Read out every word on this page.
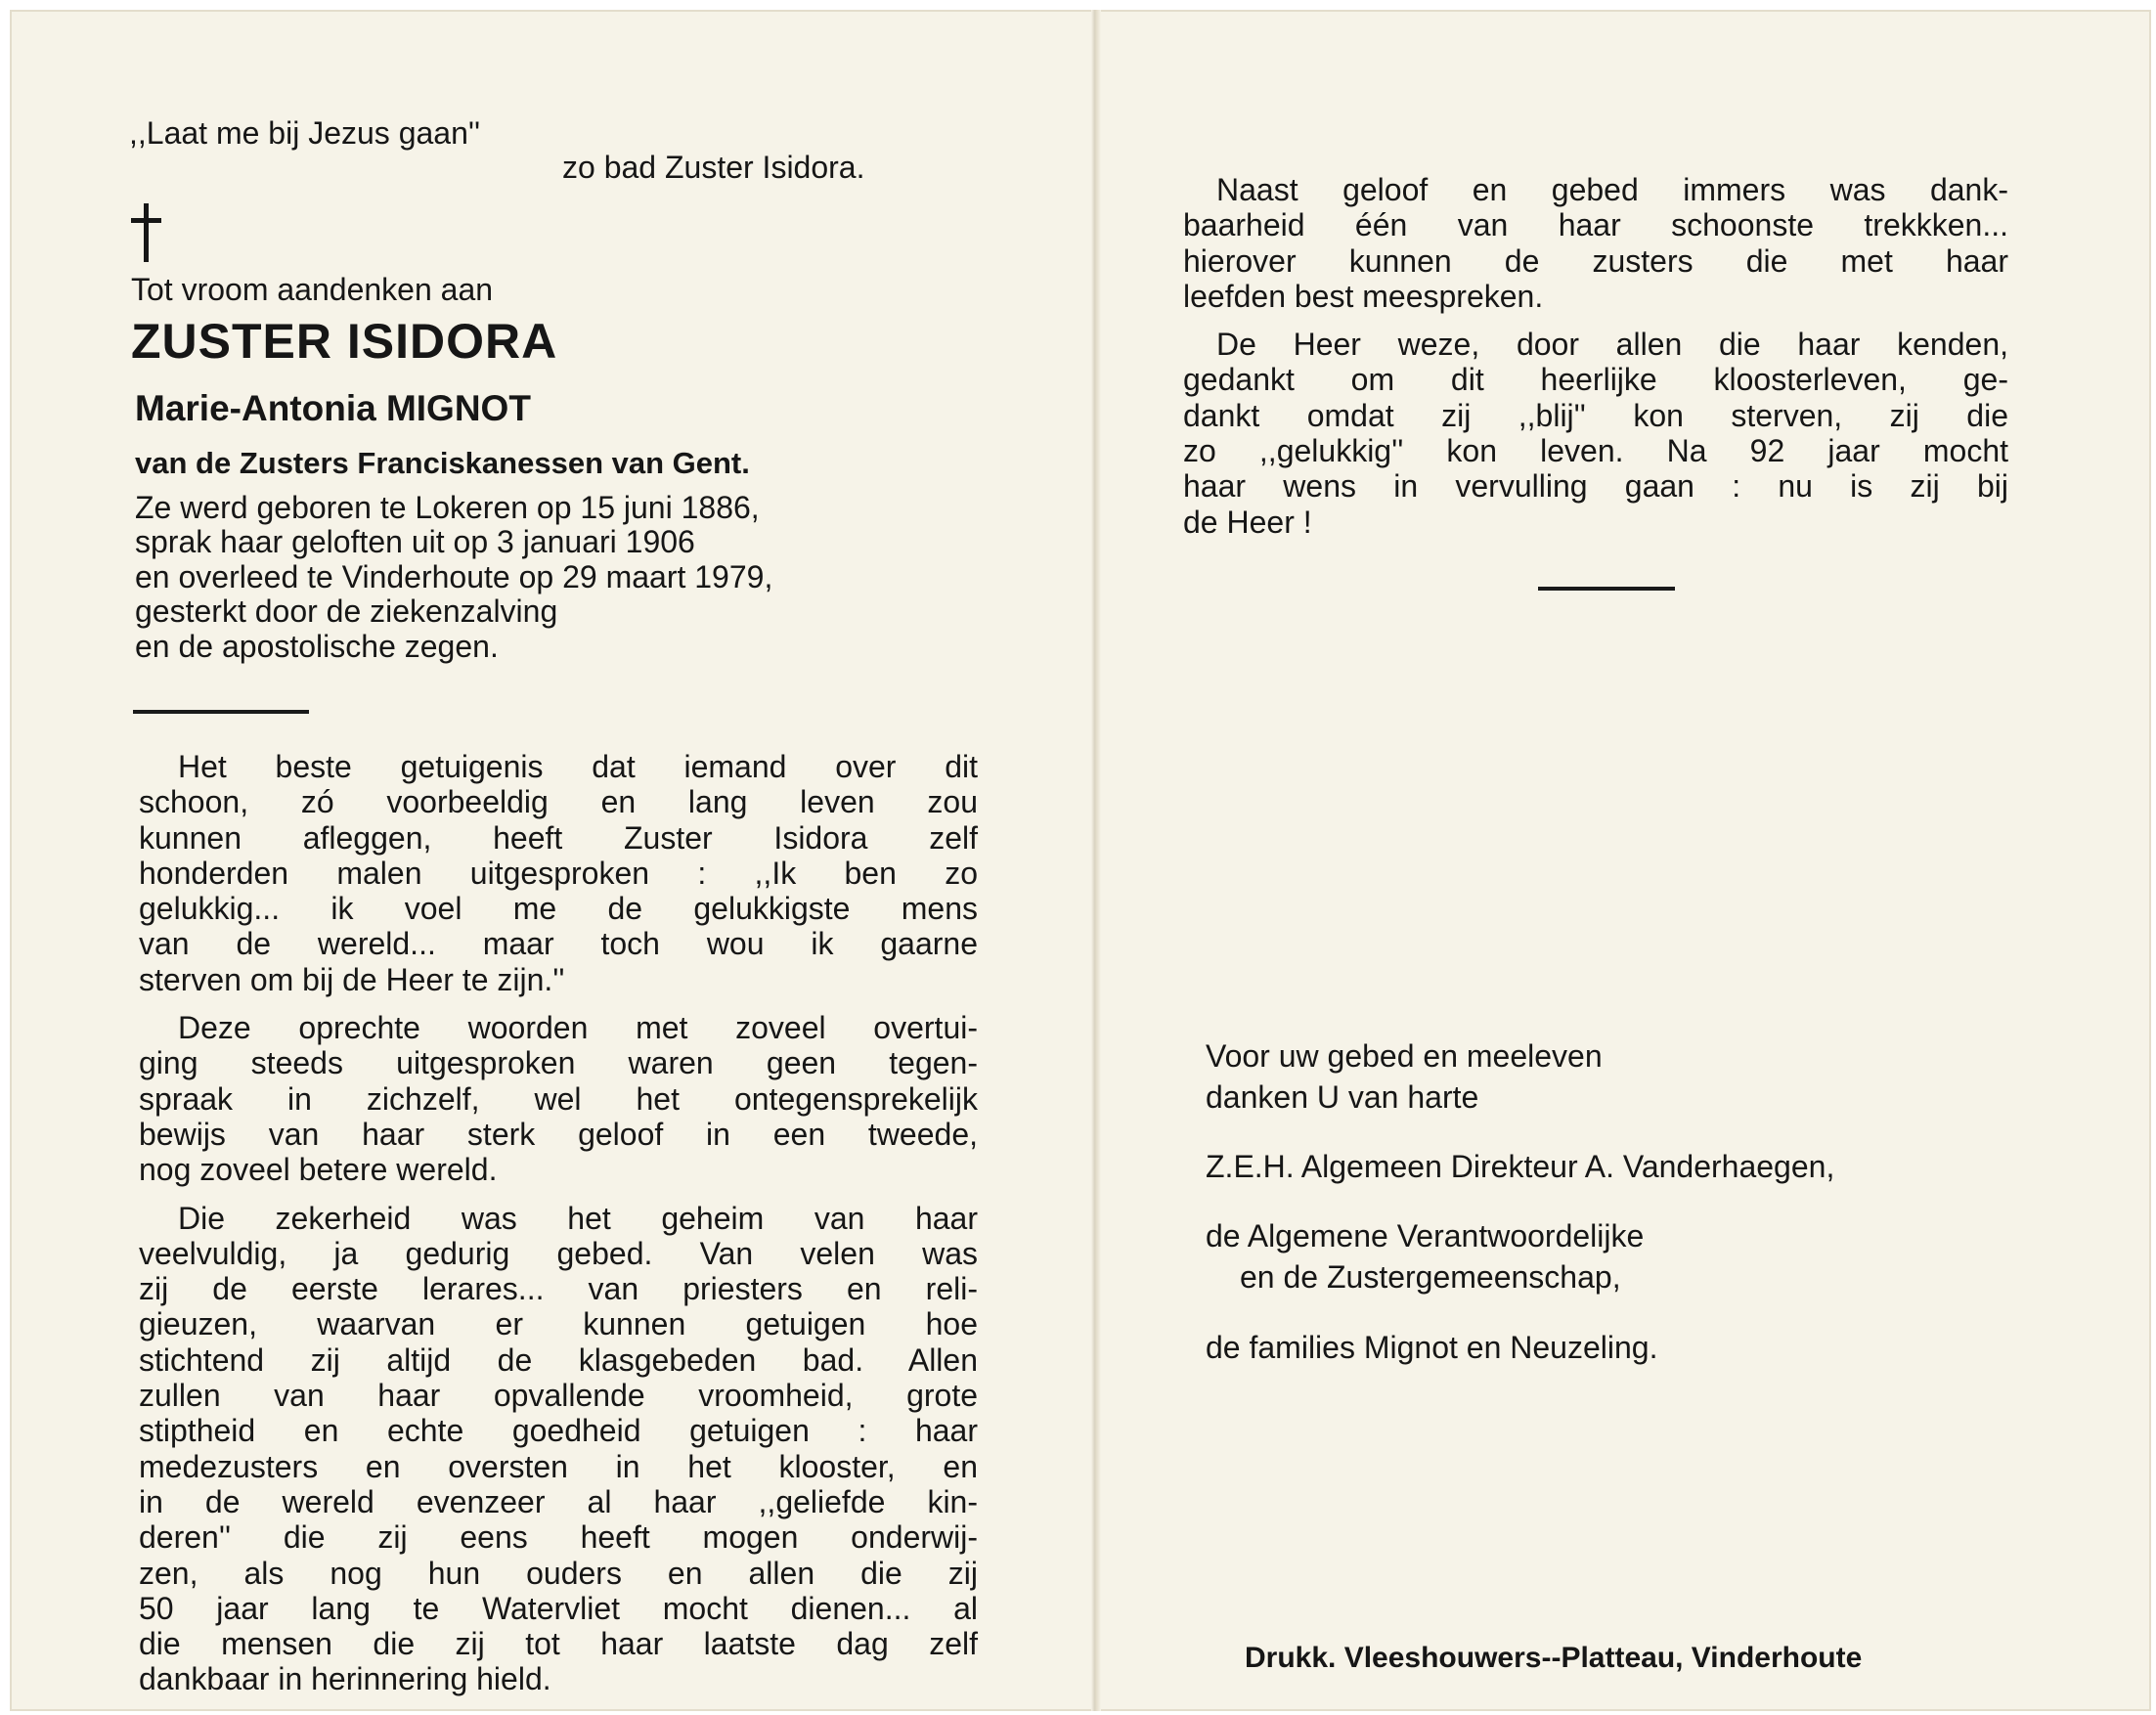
,,Laat me bij Jezus gaan''
zo bad Zuster Isidora.
Tot vroom aandenken aan
ZUSTER ISIDORA
Marie-Antonia MIGNOT
van de Zusters Franciskanessen van Gent.
Ze werd geboren te Lokeren op 15 juni 1886,
sprak haar geloften uit op 3 januari 1906
en overleed te Vinderhoute op 29 maart 1979,
gesterkt door de ziekenzalving
en de apostolische zegen.
Het beste getuigenis dat iemand over dit
schoon, zó voorbeeldig en lang leven zou
kunnen afleggen, heeft Zuster Isidora zelf
honderden malen uitgesproken : ,,Ik ben zo
gelukkig... ik voel me de gelukkigste mens
van de wereld... maar toch wou ik gaarne
sterven om bij de Heer te zijn.''
Deze oprechte woorden met zoveel overtui-
ging steeds uitgesproken waren geen tegen-
spraak in zichzelf, wel het ontegensprekelijk
bewijs van haar sterk geloof in een tweede,
nog zoveel betere wereld.
Die zekerheid was het geheim van haar
veelvuldig, ja gedurig gebed. Van velen was
zij de eerste lerares... van priesters en reli-
gieuzen, waarvan er kunnen getuigen hoe
stichtend zij altijd de klasgebeden bad. Allen
zullen van haar opvallende vroomheid, grote
stiptheid en echte goedheid getuigen : haar
medezusters en oversten in het klooster, en
in de wereld evenzeer al haar ,,geliefde kin-
deren'' die zij eens heeft mogen onderwij-
zen, als nog hun ouders en allen die zij
50 jaar lang te Watervliet mocht dienen... al
die mensen die zij tot haar laatste dag zelf
dankbaar in herinnering hield.
Naast geloof en gebed immers was dank-
baarheid één van haar schoonste trekkken...
hierover kunnen de zusters die met haar
leefden best meespreken.
De Heer weze, door allen die haar kenden,
gedankt om dit heerlijke kloosterleven, ge-
dankt omdat zij ,,blij'' kon sterven, zij die
zo ,,gelukkig'' kon leven. Na 92 jaar mocht
haar wens in vervulling gaan : nu is zij bij
de Heer !
Voor uw gebed en meeleven
danken U van harte
Z.E.H. Algemeen Direkteur A. Vanderhaegen,
de Algemene Verantwoordelijke
en de Zustergemeenschap,
de families Mignot en Neuzeling.
Drukk. Vleeshouwers--Platteau, Vinderhoute
